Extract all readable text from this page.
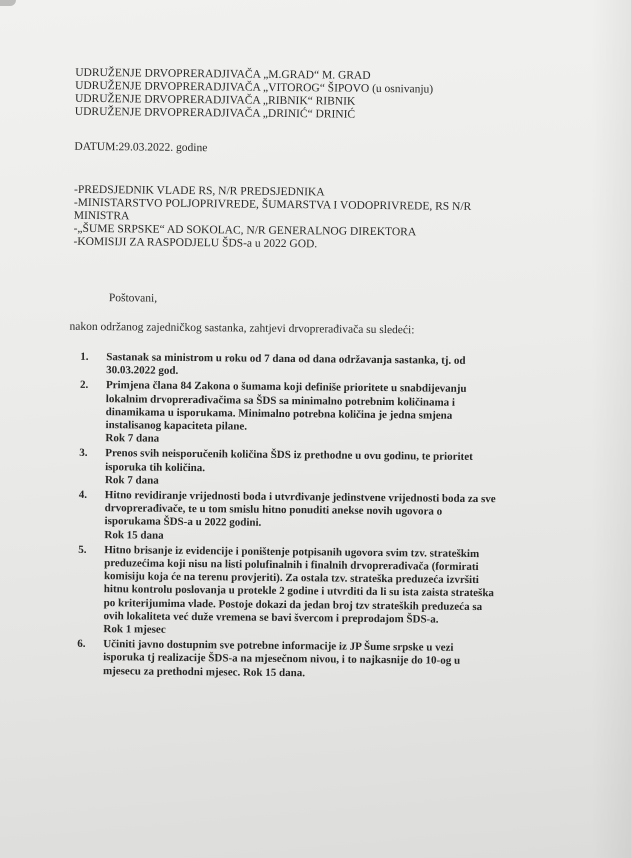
UDRUŽENJE DRVOPRERADJIVAČA „M.GRAD“ M. GRAD
UDRUŽENJE DRVOPRERADJIVAČA „VITOROG“ ŠIPOVO (u osnivanju)
UDRUŽENJE DRVOPRERADJIVAČA „RIBNIK“ RIBNIK
UDRUŽENJE DRVOPRERADJIVAČA „DRINIĆ“ DRINIĆ
DATUM:29.03.2022. godine
-PREDSJEDNIK VLADE RS, N/R PREDSJEDNIKA
-MINISTARSTVO POLJOPRIVREDE, ŠUMARSTVA I VODOPRIVREDE, RS N/R
MINISTRA
-„ŠUME SRPSKE“ AD SOKOLAC, N/R GENERALNOG DIREKTORA
-KOMISIJI ZA RASPODJELU ŠDS-a u 2022 GOD.
Poštovani,
nakon održanog zajedničkog sastanka, zahtjevi drvoprerađivača su sledeći:
1.	Sastanak sa ministrom u roku od 7 dana od dana održavanja sastanka, tj. od
30.03.2022 god.
2.	Primjena člana 84 Zakona o šumama koji definiše prioritete u snabdijevanju
lokalnim drvoprerađivačima sa ŠDS sa minimalno potrebnim količinama i
dinamikama u isporukama. Minimalno potrebna količina je jedna smjena
instalisanog kapaciteta pilane.
Rok 7 dana
3.	Prenos svih neisporučenih količina ŠDS iz prethodne u ovu godinu, te prioritet
isporuka tih količina.
Rok 7 dana
4.	Hitno revidiranje vrijednosti boda i utvrđivanje jedinstvene vrijednosti boda za sve
drvoprerađivače, te u tom smislu hitno ponuditi anekse novih ugovora o
isporukama ŠDS-a u 2022 godini.
Rok 15 dana
5.	Hitno brisanje iz evidencije i poništenje potpisanih ugovora svim tzv. strateškim
preduzećima koji nisu na listi polufinalnih i finalnih drvoprerađivača (formirati
komisiju koja će na terenu provjeriti). Za ostala tzv. strateška preduzeća izvršiti
hitnu kontrolu poslovanja u protekle 2 godine i utvrditi da li su ista zaista strateška
po kriterijumima vlade. Postoje dokazi da jedan broj tzv strateških preduzeća sa
ovih lokaliteta već duže vremena se bavi švercom i preprodajom ŠDS-a.
Rok 1 mjesec
6.	Učiniti javno dostupnim sve potrebne informacije iz JP Šume srpske u vezi
isporuka tj realizacije ŠDS-a na mjesečnom nivou, i to najkasnije do 10-og u
mjesecu za prethodni mjesec. Rok 15 dana.
